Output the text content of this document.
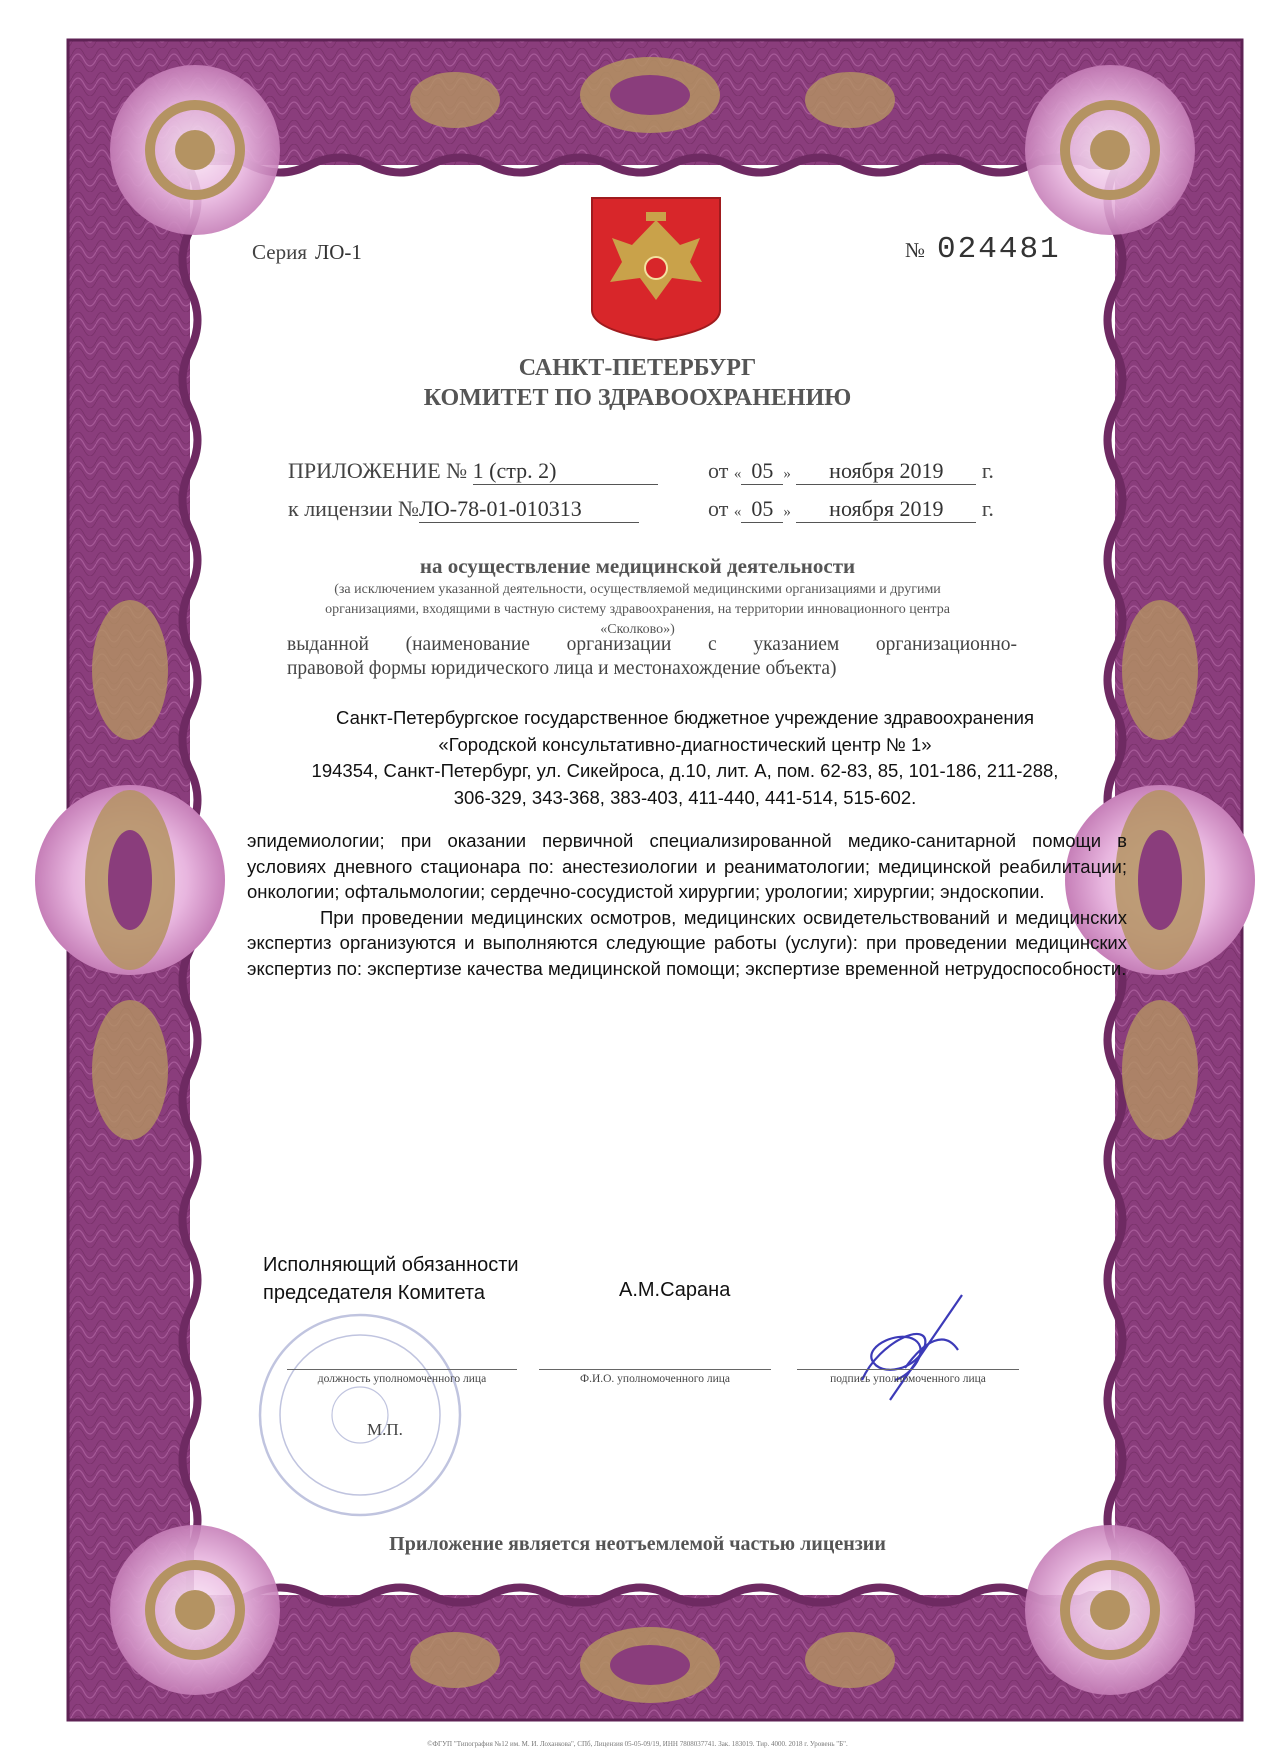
Серия ЛО-1	№ 024481
САНКТ-ПЕТЕРБУРГ
КОМИТЕТ ПО ЗДРАВООХРАНЕНИЮ
ПРИЛОЖЕНИЕ № 1 (стр. 2)	от « 05 » ноября 2019 г.
к лицензии №ЛО-78-01-010313	от « 05 » ноября 2019 г.
на осуществление медицинской деятельности
(за исключением указанной деятельности, осуществляемой медицинскими организациями и другими
организациями, входящими в частную систему здравоохранения, на территории инновационного центра
«Сколково»)
выданной (наименование организации с указанием организационно-
правовой формы юридического лица и местонахождение объекта)
Санкт-Петербургское государственное бюджетное учреждение здравоохранения
«Городской консультативно-диагностический центр № 1»
194354, Санкт-Петербург, ул. Сикейроса, д.10, лит. А, пом. 62-83, 85, 101-186, 211-288,
306-329, 343-368, 383-403, 411-440, 441-514, 515-602.

эпидемиологии; при оказании первичной специализированной медико-санитарной помощи в условиях дневного стационара по: анестезиологии и реаниматологии; медицинской реабилитации; онкологии; офтальмологии; сердечно-сосудистой хирургии; урологии; хирургии; эндоскопии.

При проведении медицинских осмотров, медицинских освидетельствований и медицинских экспертиз организуются и выполняются следующие работы (услуги): при проведении медицинских экспертиз по: экспертизе качества медицинской помощи; экспертизе временной нетрудоспособности.

Исполняющий обязанности
председателя Комитета	А.М.Сарана
должность уполномоченного лица	Ф.И.О. уполномоченного лица	подпись уполномоченного лица
М.П.
Приложение является неотъемлемой частью лицензии
©ФГУП "Типография №12 им. М. И. Лоханкова", СПб, Лицензия 05-05-09/19, ИНН 7808037741. Зак. 183019. Тир. 4000. 2018 г. Уровень "Б".
